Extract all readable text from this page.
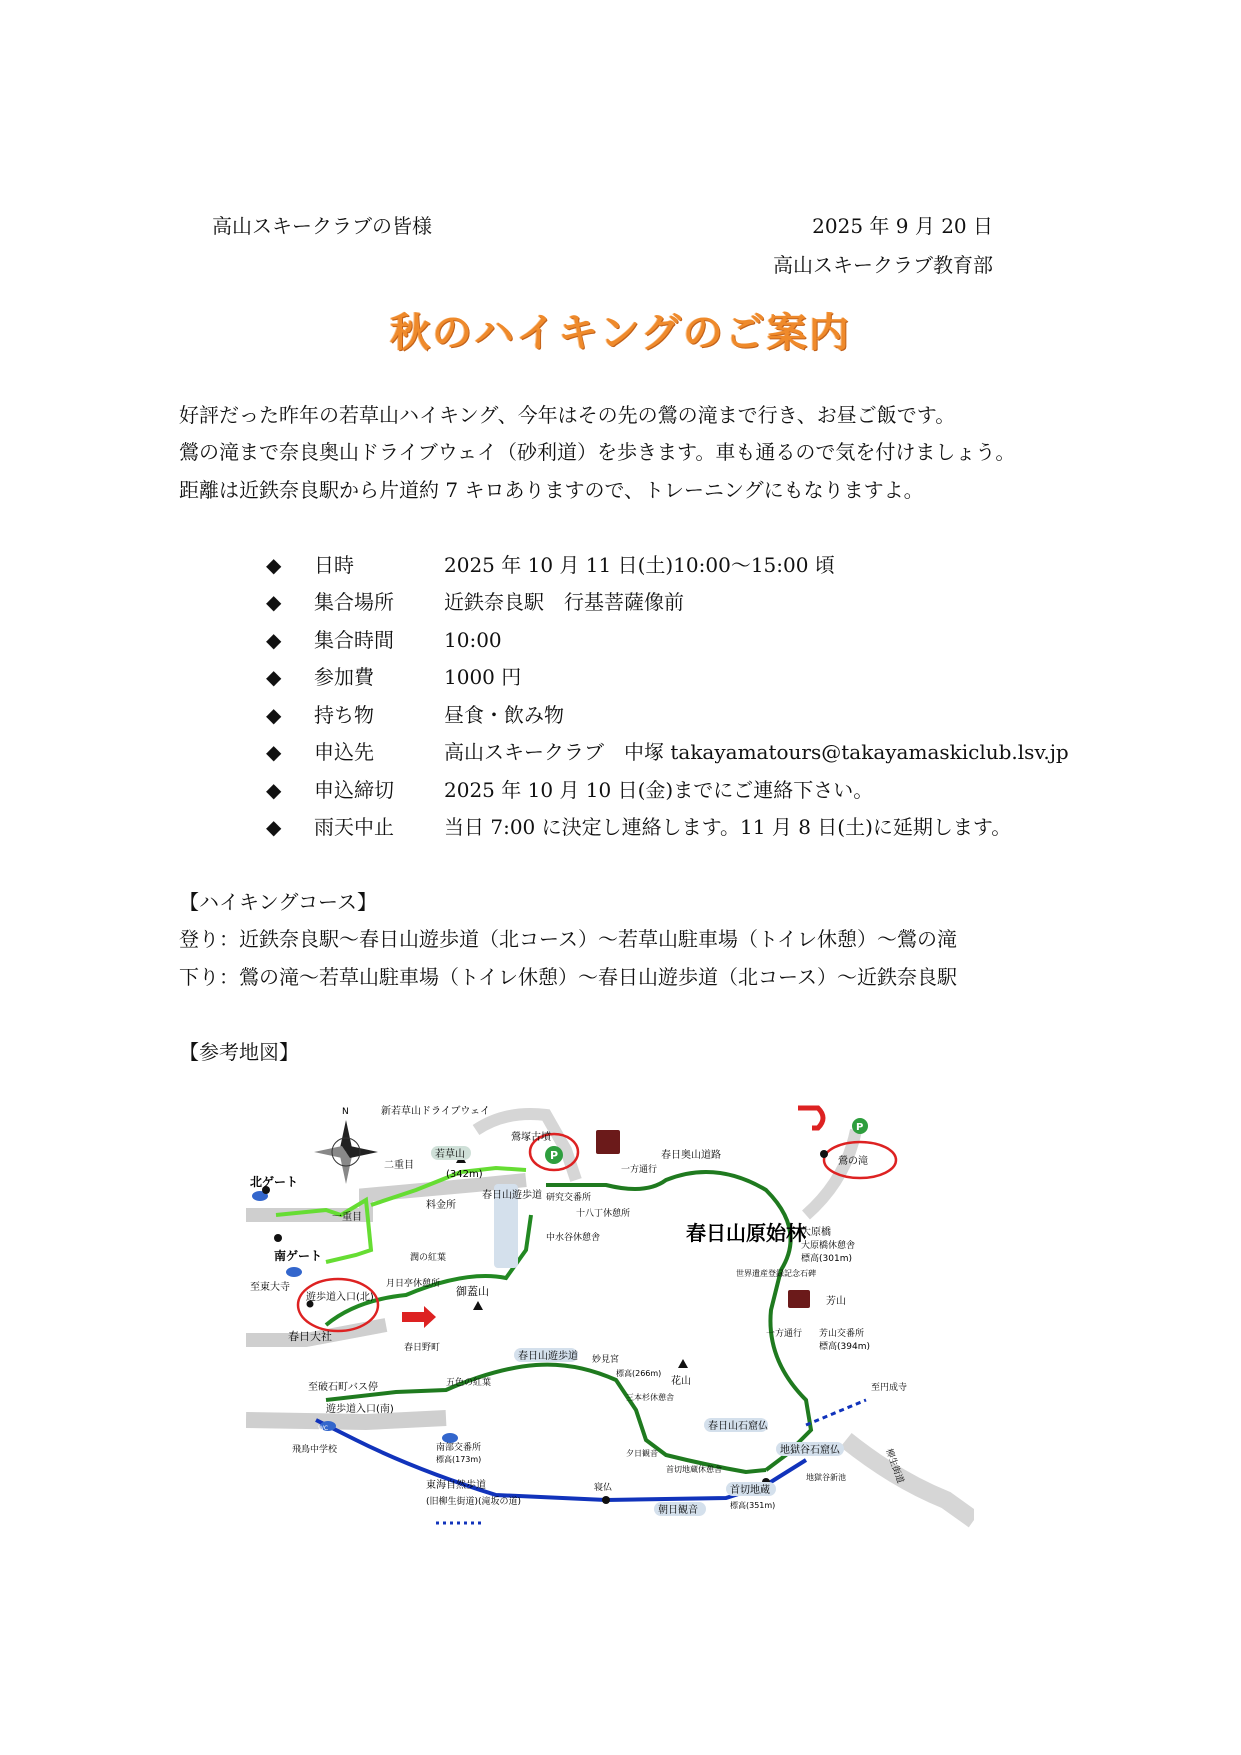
高山スキークラブの皆様	2025 年 9 月 20 日
高山スキークラブ教育部
秋のハイキングのご案内
好評だった昨年の若草山ハイキング、今年はその先の鶯の滝まで行き、お昼ご飯です。
鶯の滝まで奈良奥山ドライブウェイ（砂利道）を歩きます。車も通るので気を付けましょう。
距離は近鉄奈良駅から片道約 7 キロありますので、トレーニングにもなりますよ。
◆ 日時	2025 年 10 月 11 日(土)10:00～15:00 頃
◆ 集合場所	近鉄奈良駅　行基菩薩像前
◆ 集合時間	10:00
◆ 参加費	1000 円
◆ 持ち物	昼食・飲み物
◆ 申込先	高山スキークラブ　中塚 takayamatours@takayamaskiclub.lsv.jp
◆ 申込締切	2025 年 10 月 10 日(金)までにご連絡下さい。
◆ 雨天中止	当日 7:00 に決定し連絡します。11 月 8 日(土)に延期します。
【ハイキングコース】
登り：近鉄奈良駅～春日山遊歩道（北コース）～若草山駐車場（トイレ休憩）～鶯の滝
下り：鶯の滝～若草山駐車場（トイレ休憩）～春日山遊歩道（北コース）～近鉄奈良駅
【参考地図】
N
P
P
WC
新若草山ドライブウェイ
若草山
(342m)
鶯塚古墳
一方通行
春日奥山道路
鶯の滝
北ゲート
南ゲート
二重目
一重目
料金所
研究交番所
十八丁休憩所
中水谷休憩舎
春日山遊歩道
春日山原始林
大原橋
大原橋休憩舎
標高(301m)
世界遺産登録記念石碑
御蓋山
潤の紅葉
月日亭休憩所
遊歩道入口(北)
至東大寺
春日大社
春日野町
花山
芳山
一方通行 芳山交番所
標高(394m)
至円成寺
春日山遊歩道 妙見宮
標高(266m)
三本杉休憩舎
五色の紅葉
至破石町バス停
遊歩道入口(南)
飛鳥中学校	南部交番所
標高(173m)
東海自然歩道
(旧柳生街道)(滝坂の道)
寝仏
夕日観音
朝日観音
春日山石窟仏
地獄谷石窟仏
首切地蔵休憩舎
首切地蔵
標高(351m)
地獄谷新池	柳生街道
